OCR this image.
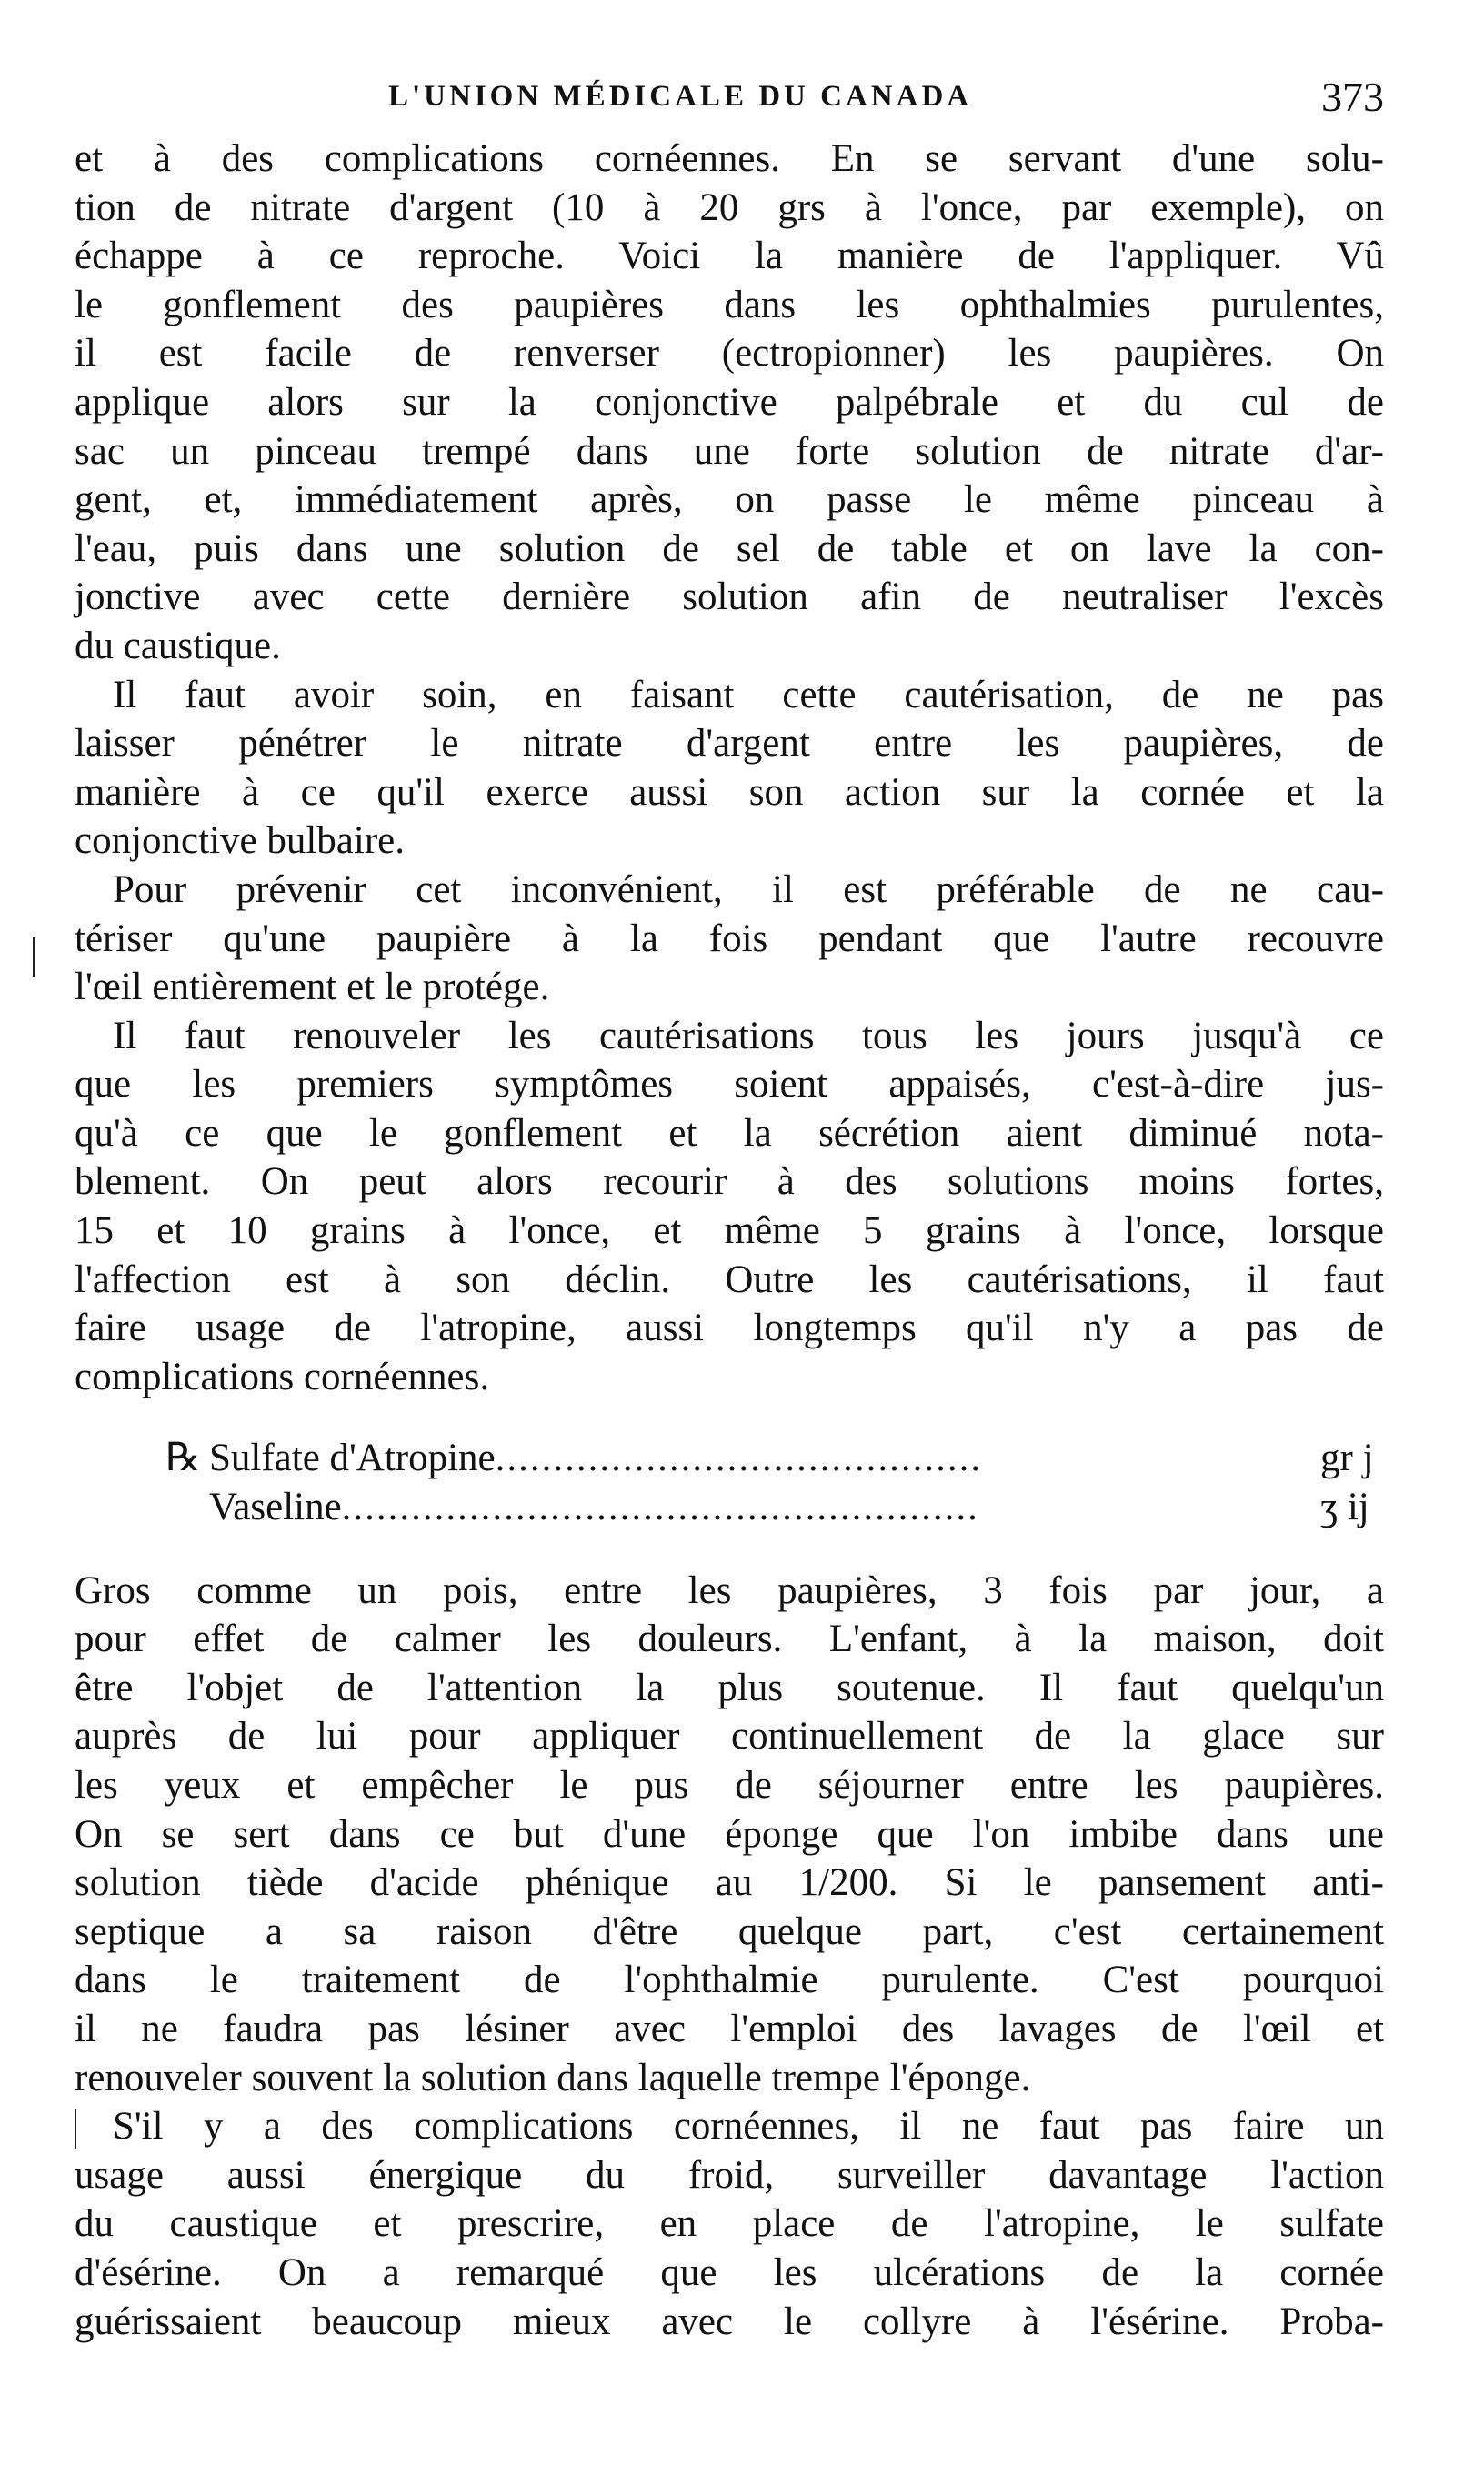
L'UNION MÉDICALE DU CANADA	373

et à des complications cornéennes. En se servant d'une solu-
tion de nitrate d'argent (10 à 20 grs à l'once, par exemple), on
échappe à ce reproche. Voici la manière de l'appliquer. Vû
le gonflement des paupières dans les ophthalmies purulentes,
il est facile de renverser (ectropionner) les paupières. On
applique alors sur la conjonctive palpébrale et du cul de
sac un pinceau trempé dans une forte solution de nitrate d'ar-
gent, et, immédiatement après, on passe le même pinceau à
l'eau, puis dans une solution de sel de table et on lave la con-
jonctive avec cette dernière solution afin de neutraliser l'excès
du caustique.

Il faut avoir soin, en faisant cette cautérisation, de ne pas
laisser pénétrer le nitrate d'argent entre les paupières, de
manière à ce qu'il exerce aussi son action sur la cornée et la
conjonctive bulbaire.

Pour prévenir cet inconvénient, il est préférable de ne cau-
tériser qu'une paupière à la fois pendant que l'autre recouvre
l'œil entièrement et le protége.

Il faut renouveler les cautérisations tous les jours jusqu'à ce
que les premiers symptômes soient appaisés, c'est-à-dire jus-
qu'à ce que le gonflement et la sécrétion aient diminué nota-
blement. On peut alors recourir à des solutions moins fortes,
15 et 10 grains à l'once, et même 5 grains à l'once, lorsque
l'affection est à son déclin. Outre les cautérisations, il faut
faire usage de l'atropine, aussi longtemps qu'il n'y a pas de
complications cornéennes.

℞ Sulfate d'Atropine ..........................................	gr j
Vaseline .......................................................	ʒ ij

Gros comme un pois, entre les paupières, 3 fois par jour, a
pour effet de calmer les douleurs. L'enfant, à la maison, doit
être l'objet de l'attention la plus soutenue. Il faut quelqu'un
auprès de lui pour appliquer continuellement de la glace sur
les yeux et empêcher le pus de séjourner entre les paupières.
On se sert dans ce but d'une éponge que l'on imbibe dans une
solution tiède d'acide phénique au 1/200. Si le pansement anti-
septique a sa raison d'être quelque part, c'est certainement
dans le traitement de l'ophthalmie purulente. C'est pourquoi
il ne faudra pas lésiner avec l'emploi des lavages de l'œil et
renouveler souvent la solution dans laquelle trempe l'éponge.

S'il y a des complications cornéennes, il ne faut pas faire un
usage aussi énergique du froid, surveiller davantage l'action
du caustique et prescrire, en place de l'atropine, le sulfate
d'ésérine. On a remarqué que les ulcérations de la cornée
guérissaient beaucoup mieux avec le collyre à l'ésérine. Proba-
